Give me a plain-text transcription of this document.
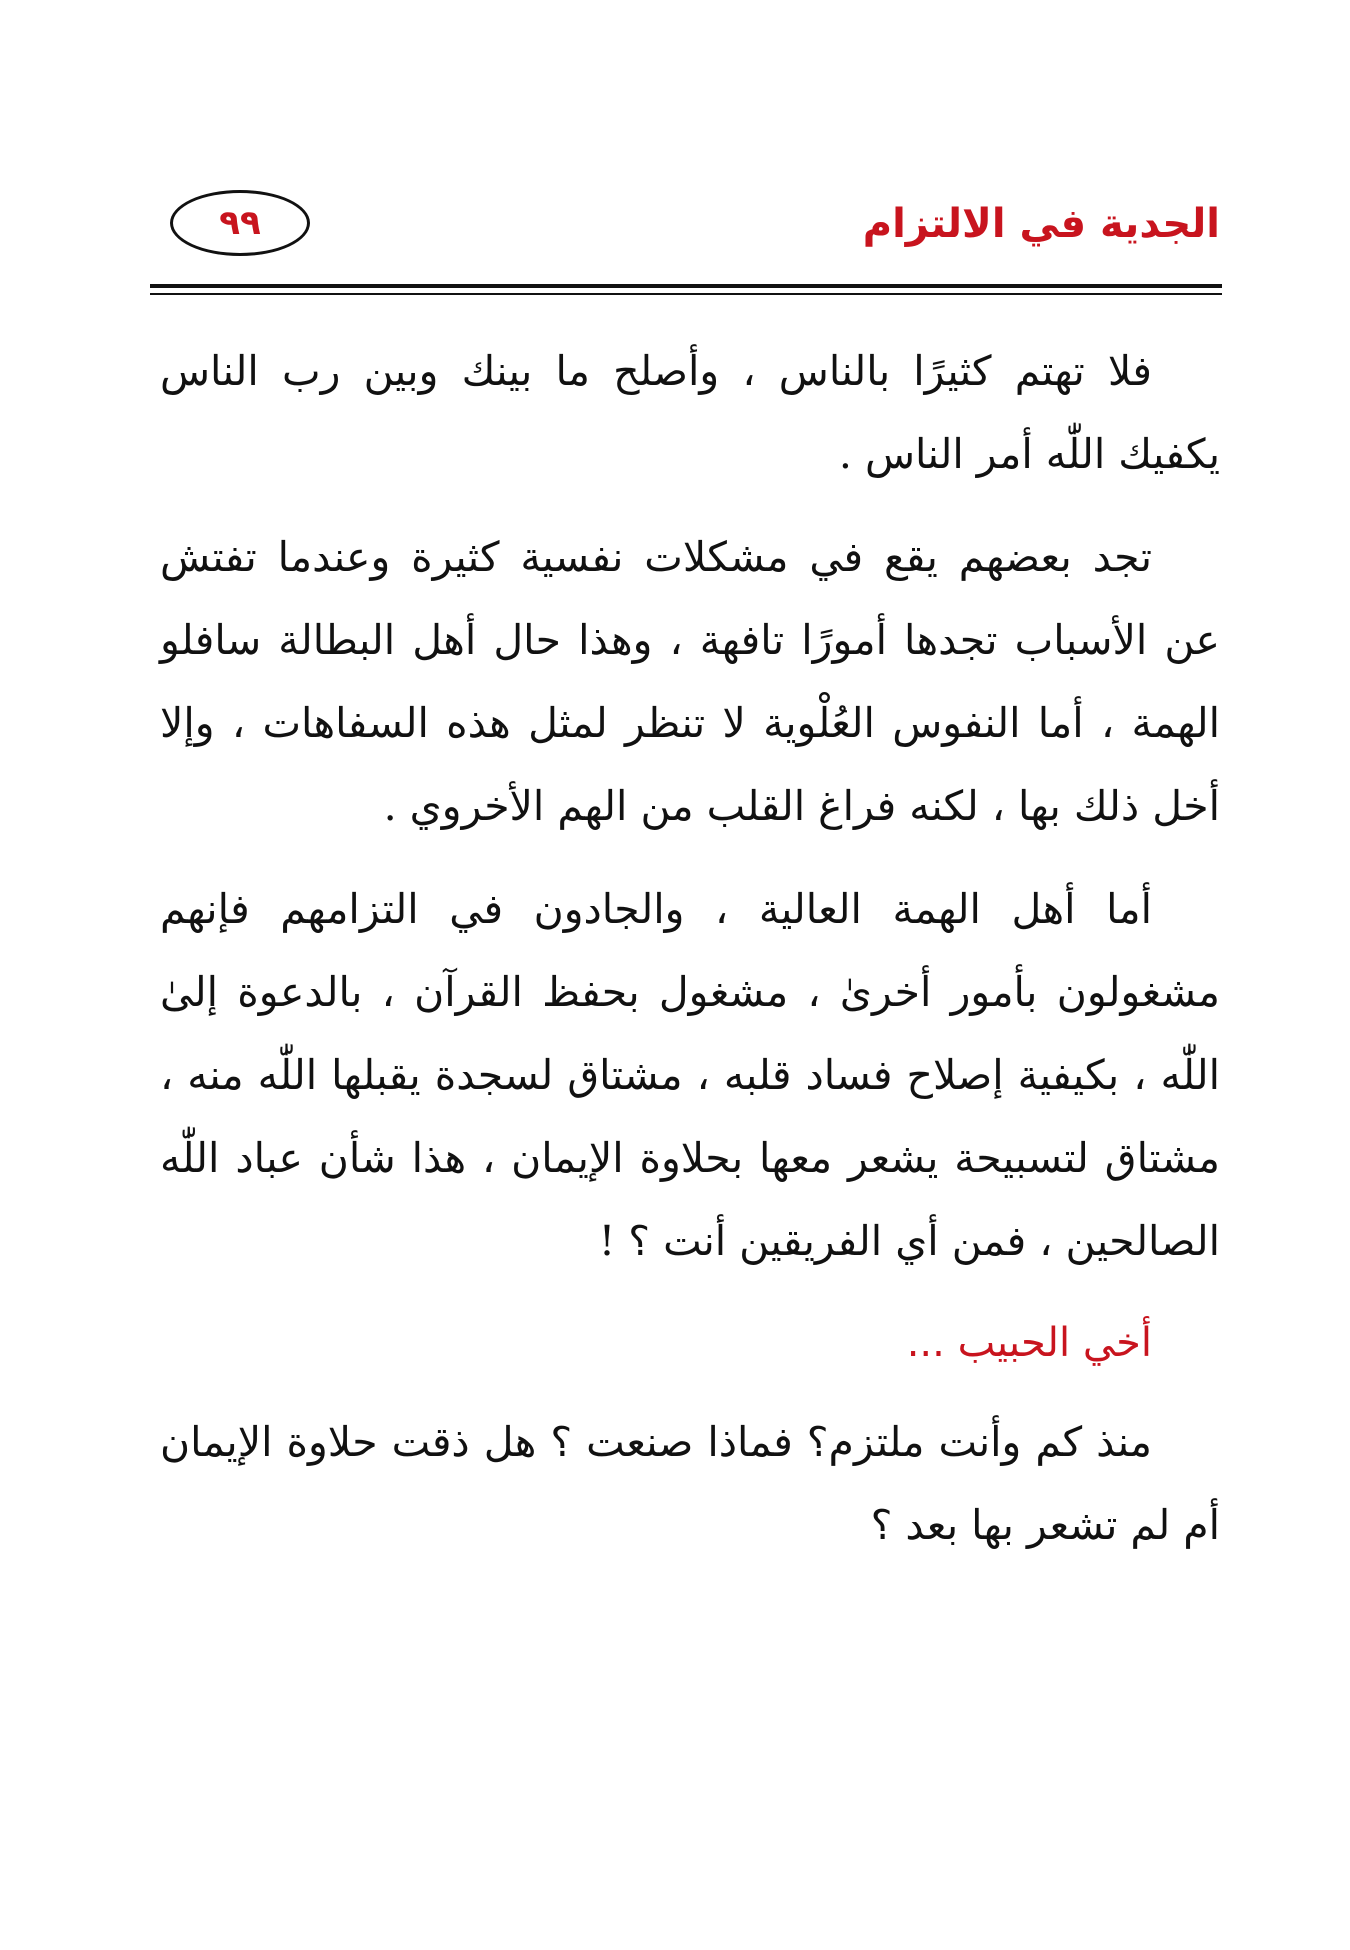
الجدية في الالتزام
٩٩

فلا تهتم كثيرًا بالناس ، وأصلح ما بينك وبين رب الناس يكفيك اللّٰه أمر الناس .

تجد بعضهم يقع في مشكلات نفسية كثيرة وعندما تفتش عن الأسباب تجدها أمورًا تافهة ، وهذا حال أهل البطالة سافلو الهمة ، أما النفوس العُلْوية لا تنظر لمثل هذه السفاهات ، وإلا أخل ذلك بها ، لكنه فراغ القلب من الهم الأخروي .

أما أهل الهمة العالية ، والجادون في التزامهم فإنهم مشغولون بأمور أخرىٰ ، مشغول بحفظ القرآن ، بالدعوة إلىٰ اللّٰه ، بكيفية إصلاح فساد قلبه ، مشتاق لسجدة يقبلها اللّٰه منه ، مشتاق لتسبيحة يشعر معها بحلاوة الإيمان ، هذا شأن عباد اللّٰه الصالحين ، فمن أي الفريقين أنت ؟ !

أخي الحبيب ...

منذ كم وأنت ملتزم؟ فماذا صنعت ؟ هل ذقت حلاوة الإيمان أم لم تشعر بها بعد ؟
